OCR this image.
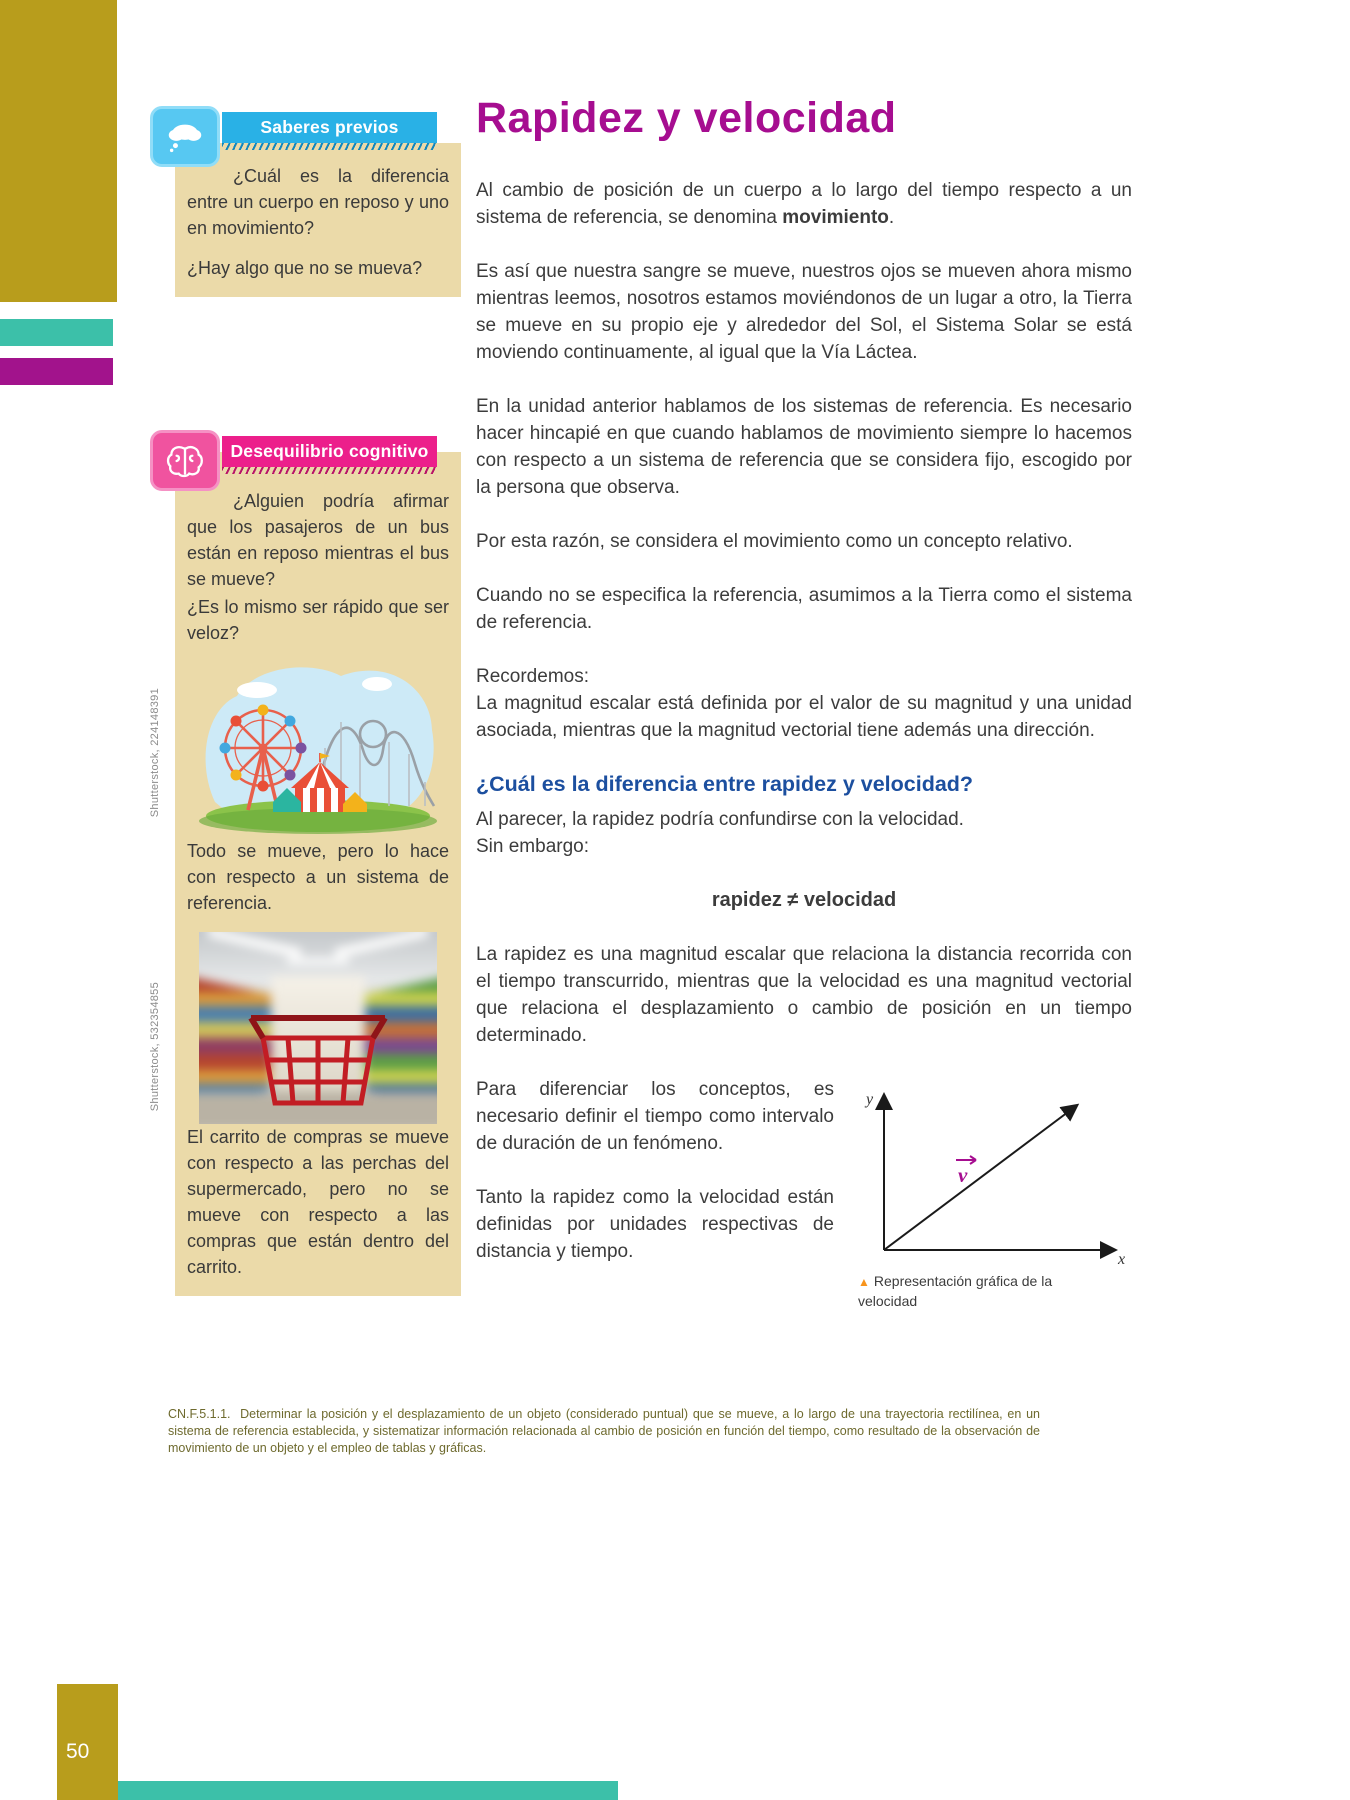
50

¿Cuál es la diferencia entre un cuerpo en reposo y uno en movimiento?

¿Hay algo que no se mueva?

Saberes previos

¿Alguien podría afirmar que los pasajeros de un bus están en reposo mientras el bus se mueve?

¿Es lo mismo ser rápido que ser veloz?

Todo se mueve, pero lo hace con respecto a un sistema de referencia.

El carrito de compras se mueve con respecto a las perchas del supermercado, pero no se mueve con respecto a las compras que están dentro del carrito.

Desequilibrio cognitivo
Shutterstock, 224148391
Shutterstock, 532354855
Rapidez y velocidad

Al cambio de posición de un cuerpo a lo largo del tiempo respecto a un sistema de referencia, se denomina movimiento.

Es así que nuestra sangre se mueve, nuestros ojos se mueven ahora mismo mientras leemos, nosotros estamos moviéndonos de un lugar a otro, la Tierra se mueve en su propio eje y alrededor del Sol, el Sistema Solar se está moviendo continuamente, al igual que la Vía Láctea.

En la unidad anterior hablamos de los sistemas de referencia. Es necesario hacer hincapié en que cuando hablamos de movimiento siempre lo hacemos con respecto a un sistema de referencia que se considera fijo, escogido por la persona que observa.

Por esta razón, se considera el movimiento como un concepto relativo.

Cuando no se especifica la referencia, asumimos a la Tierra como el sistema de referencia.

Recordemos:

La magnitud escalar está definida por el valor de su magnitud y una unidad asociada, mientras que la magnitud vectorial tiene además una dirección.

¿Cuál es la diferencia entre rapidez y velocidad?

Al parecer, la rapidez podría confundirse con la velocidad.

Sin embargo:

rapidez ≠ velocidad

La rapidez es una magnitud escalar que relaciona la distancia recorrida con el tiempo transcurrido, mientras que la velocidad es una magnitud vectorial que relaciona el desplazamiento o cambio de posición en un tiempo determinado.

y
x
v
▲ Representación gráfica de la velocidad

Para diferenciar los conceptos, es necesario definir el tiempo como intervalo de duración de un fenómeno.

Tanto la rapidez como la velocidad están definidas por unidades respectivas de distancia y tiempo.

CN.F.5.1.1. Determinar la posición y el desplazamiento de un objeto (considerado puntual) que se mueve, a lo largo de una trayectoria rectilínea, en un sistema de referencia establecida, y sistematizar información relacionada al cambio de posición en función del tiempo, como resultado de la observación de movimiento de un objeto y el empleo de tablas y gráficas.
